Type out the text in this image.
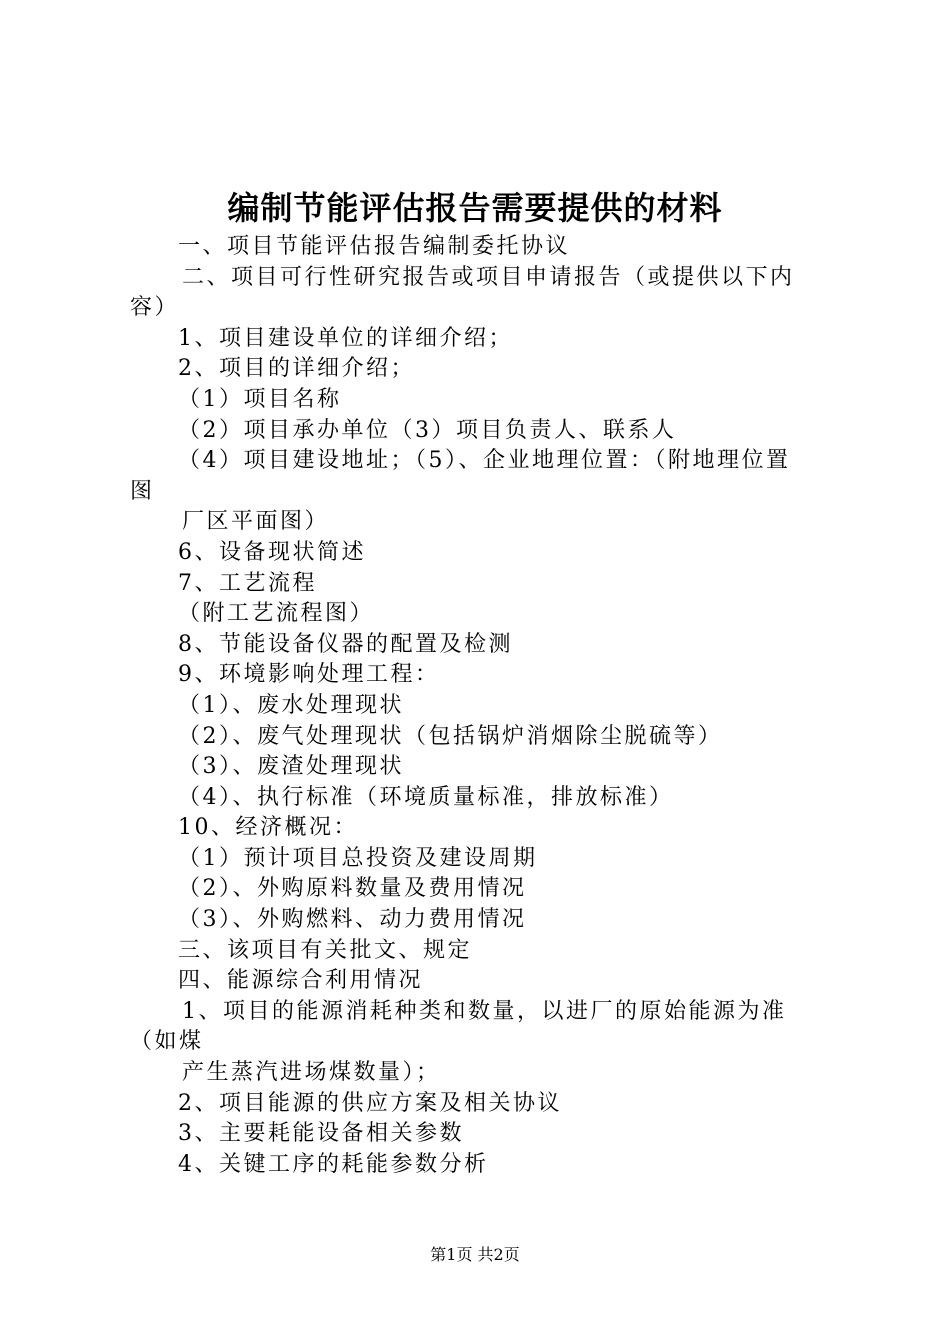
编制节能评估报告需要提供的材料
一、项目节能评估报告编制委托协议
二、项目可行性研究报告或项目申请报告（或提供以下内
容）
1、项目建设单位的详细介绍；
2、项目的详细介绍；
（1）项目名称
（2）项目承办单位（3）项目负责人、联系人
（4）项目建设地址；（5）、企业地理位置：（附地理位置
图
厂区平面图）
6、设备现状简述
7、工艺流程
（附工艺流程图）
8、节能设备仪器的配置及检测
9、环境影响处理工程：
（1）、废水处理现状
（2）、废气处理现状（包括锅炉消烟除尘脱硫等）
（3）、废渣处理现状
（4）、执行标准（环境质量标准，排放标准）
10、经济概况：
（1）预计项目总投资及建设周期
（2）、外购原料数量及费用情况
（3）、外购燃料、动力费用情况
三、该项目有关批文、规定
四、能源综合利用情况
1、项目的能源消耗种类和数量，以进厂的原始能源为准
（如煤
产生蒸汽进场煤数量）；
2、项目能源的供应方案及相关协议
3、主要耗能设备相关参数
4、关键工序的耗能参数分析
第1页 共2页
